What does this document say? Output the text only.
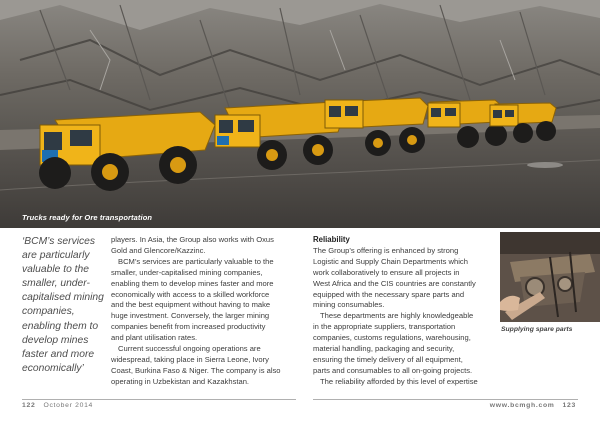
Trucks ready for Ore transportation
‘BCM’s services
are particularly
valuable to the
smaller, under-
capitalised mining
companies,
enabling them to
develop mines
faster and more
economically’
players. In Asia, the Group also works with Oxus
Gold and Glencore/Kazzinc.
BCM’s services are particularly valuable to the
smaller, under-capitalised mining companies,
enabling them to develop mines faster and more
economically with access to a skilled workforce
and the best equipment without having to make
huge investment. Conversely, the larger mining
companies benefit from increased productivity
and plant utilisation rates.
Current successful ongoing operations are
widespread, taking place in Sierra Leone, Ivory
Coast, Burkina Faso & Niger. The company is also
operating in Uzbekistan and Kazakhstan.
Reliability
The Group’s offering is enhanced by strong
Logistic and Supply Chain Departments which
work collaboratively to ensure all projects in
West Africa and the CIS countries are constantly
equipped with the necessary spare parts and
mining consumables.
These departments are highly knowledgeable
in the appropriate suppliers, transportation
companies, customs regulations, warehousing,
material handling, packaging and security,
ensuring the timely delivery of all equipment,
parts and consumables to all on-going projects.
The reliability afforded by this level of expertise
Supplying spare parts
122 October 2014	www.bcmgh.com 123
